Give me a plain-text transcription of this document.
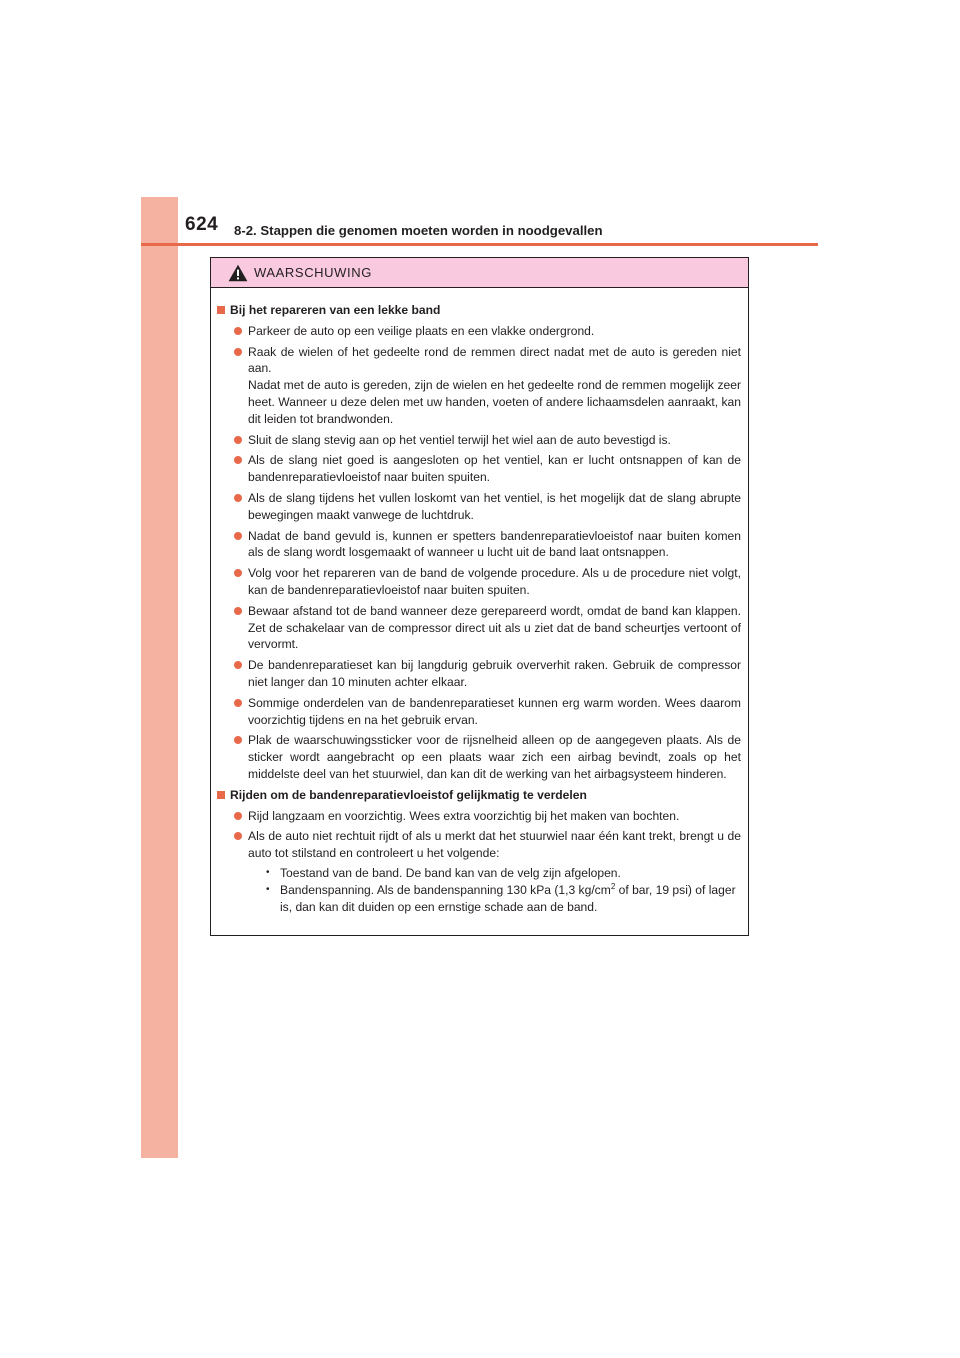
624 8-2. Stappen die genomen moeten worden in noodgevallen
WAARSCHUWING
Bij het repareren van een lekke band
Parkeer de auto op een veilige plaats en een vlakke ondergrond.
Raak de wielen of het gedeelte rond de remmen direct nadat met de auto is gereden niet aan.
Nadat met de auto is gereden, zijn de wielen en het gedeelte rond de remmen mogelijk zeer heet. Wanneer u deze delen met uw handen, voeten of andere lichaamsdelen aanraakt, kan dit leiden tot brandwonden.
Sluit de slang stevig aan op het ventiel terwijl het wiel aan de auto bevestigd is.
Als de slang niet goed is aangesloten op het ventiel, kan er lucht ontsnappen of kan de bandenreparatievloeistof naar buiten spuiten.
Als de slang tijdens het vullen loskomt van het ventiel, is het mogelijk dat de slang abrupte bewegingen maakt vanwege de luchtdruk.
Nadat de band gevuld is, kunnen er spetters bandenreparatievloeistof naar buiten komen als de slang wordt losgemaakt of wanneer u lucht uit de band laat ontsnappen.
Volg voor het repareren van de band de volgende procedure. Als u de procedure niet volgt, kan de bandenreparatievloeistof naar buiten spuiten.
Bewaar afstand tot de band wanneer deze gerepareerd wordt, omdat de band kan klappen. Zet de schakelaar van de compressor direct uit als u ziet dat de band scheurtjes vertoont of vervormt.
De bandenreparatieset kan bij langdurig gebruik oververhit raken. Gebruik de compressor niet langer dan 10 minuten achter elkaar.
Sommige onderdelen van de bandenreparatieset kunnen erg warm worden. Wees daarom voorzichtig tijdens en na het gebruik ervan.
Plak de waarschuwingssticker voor de rijsnelheid alleen op de aangegeven plaats. Als de sticker wordt aangebracht op een plaats waar zich een airbag bevindt, zoals op het middelste deel van het stuurwiel, dan kan dit de werking van het airbagsysteem hinderen.
Rijden om de bandenreparatievloeistof gelijkmatig te verdelen
Rijd langzaam en voorzichtig. Wees extra voorzichtig bij het maken van bochten.
Als de auto niet rechtuit rijdt of als u merkt dat het stuurwiel naar één kant trekt, brengt u de auto tot stilstand en controleert u het volgende:
• Toestand van de band. De band kan van de velg zijn afgelopen.
• Bandenspanning. Als de bandenspanning 130 kPa (1,3 $kg/cm^2$ of bar, 19 psi) of lager is, dan kan dit duiden op een ernstige schade aan de band.
